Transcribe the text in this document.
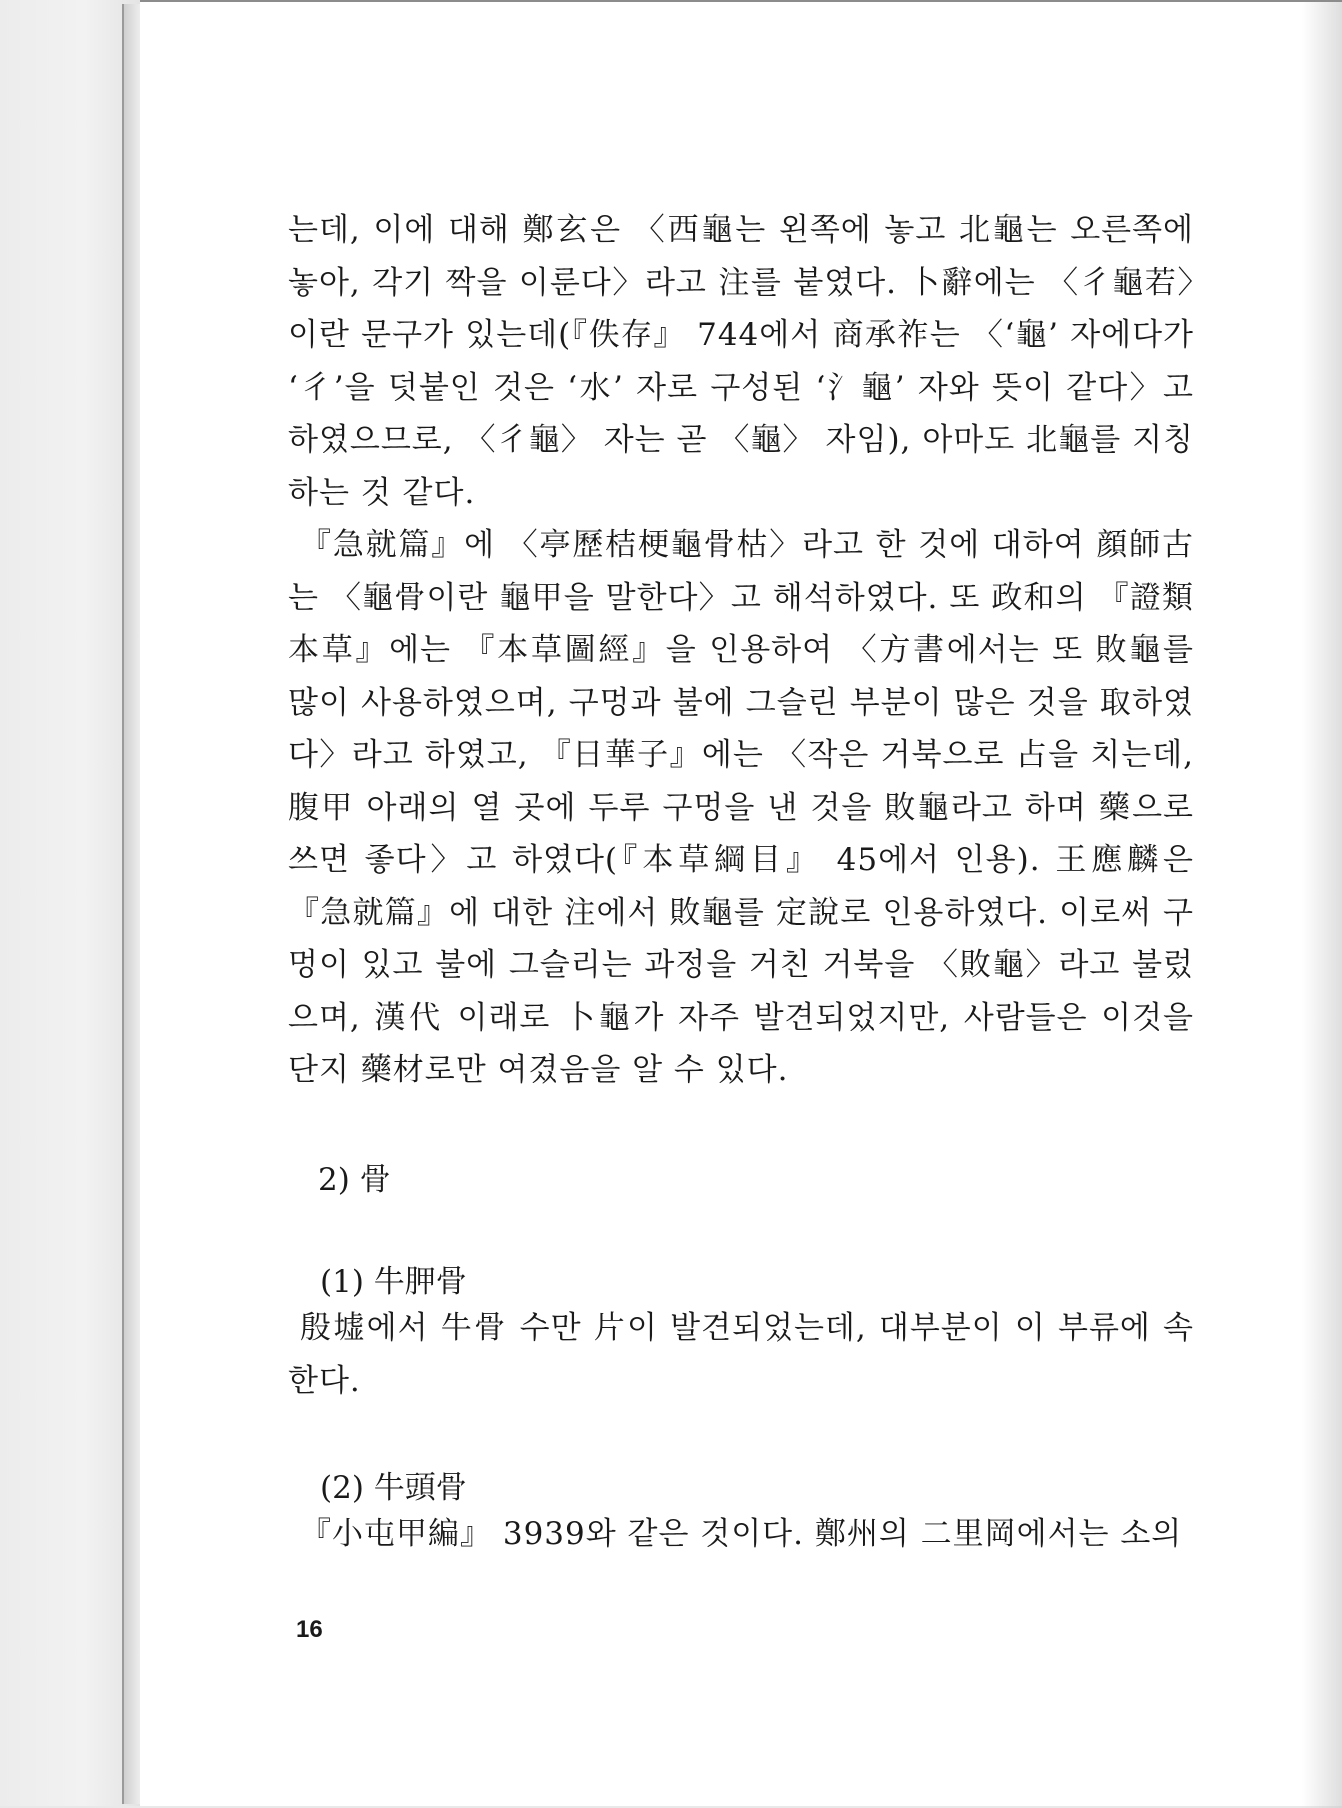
는데, 이에 대해 鄭玄은 〈西龜는 왼쪽에 놓고 北龜는 오른쪽에 놓아, 각기 짝을 이룬다〉라고 注를 붙였다. 卜辭에는 〈彳龜若〉이란 문구가 있는데(『佚存』 744에서 商承祚는 〈‘龜’ 자에다가 ‘彳’을 덧붙인 것은 ‘水’ 자로 구성된 ‘氵龜’ 자와 뜻이 같다〉고 하였으므로, 〈彳龜〉 자는 곧 〈龜〉 자임), 아마도 北龜를 지칭하는 것 같다.

『急就篇』에 〈亭歷桔梗龜骨枯〉라고 한 것에 대하여 顔師古는 〈龜骨이란 龜甲을 말한다〉고 해석하였다. 또 政和의 『證類本草』에는 『本草圖經』을 인용하여 〈方書에서는 또 敗龜를 많이 사용하였으며, 구멍과 불에 그슬린 부분이 많은 것을 取하였다〉라고 하였고, 『日華子』에는 〈작은 거북으로 占을 치는데, 腹甲 아래의 열 곳에 두루 구멍을 낸 것을 敗龜라고 하며 藥으로 쓰면 좋다〉고 하였다(『本草綱目』 45에서 인용). 王應麟은 『急就篇』에 대한 注에서 敗龜를 定說로 인용하였다. 이로써 구멍이 있고 불에 그슬리는 과정을 거친 거북을 〈敗龜〉라고 불렀으며, 漢代 이래로 卜龜가 자주 발견되었지만, 사람들은 이것을 단지 藥材로만 여겼음을 알 수 있다.

2) 骨

(1) 牛胛骨

殷墟에서 牛骨 수만 片이 발견되었는데, 대부분이 이 부류에 속한다.

(2) 牛頭骨

『小屯甲編』 3939와 같은 것이다. 鄭州의 二里岡에서는 소의

16
